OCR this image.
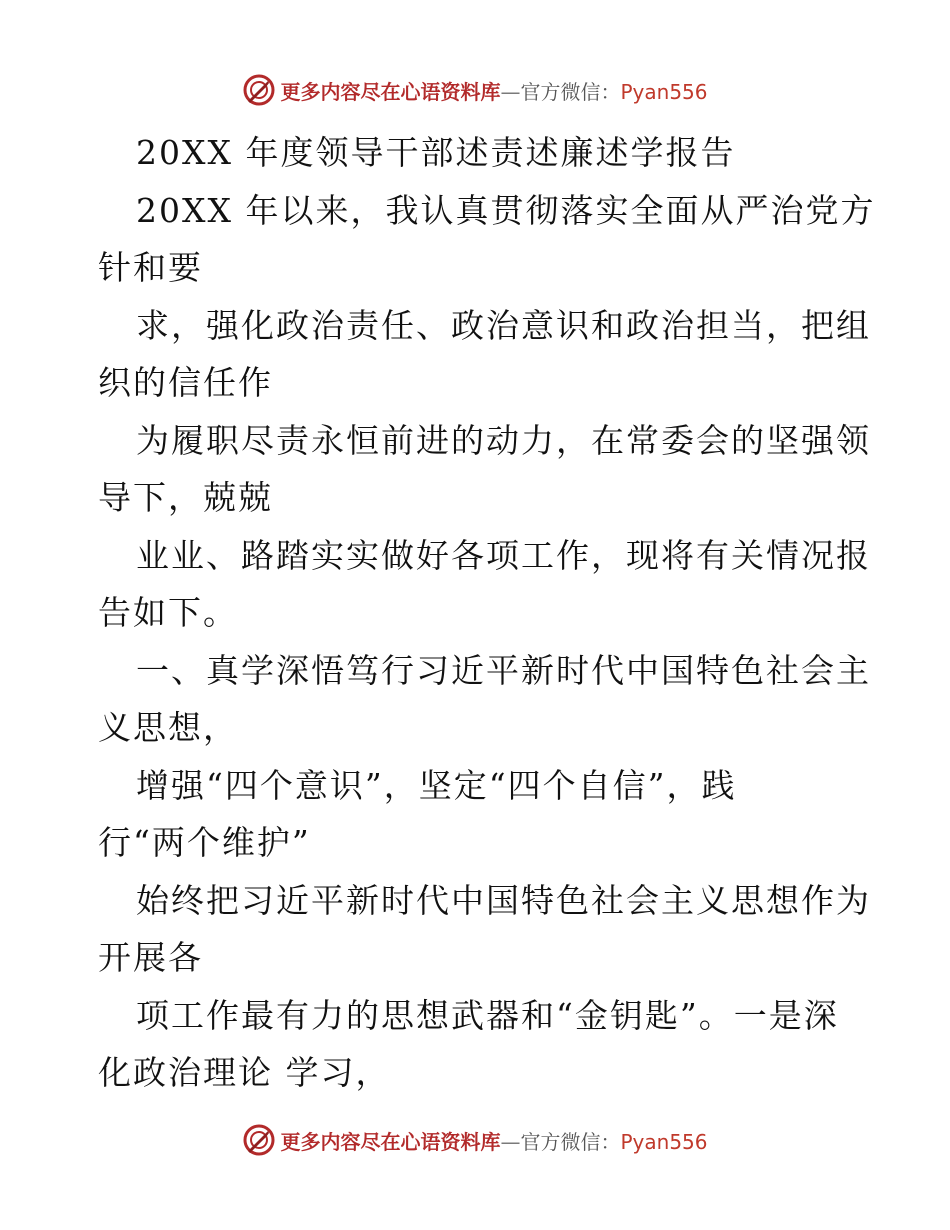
更多内容尽在心语资料库—官方微信：Pyan556
20XX 年度领导干部述责述廉述学报告
20XX 年以来，我认真贯彻落实全面从严治党方
针和要
求，强化政治责任、政治意识和政治担当，把组
织的信任作
为履职尽责永恒前进的动力，在常委会的坚强领
导下，兢兢
业业、路踏实实做好各项工作，现将有关情况报
告如下。
一、真学深悟笃行习近平新时代中国特色社会主
义思想，
增强“四个意识”，坚定“四个自信”，践
行“两个维护”
始终把习近平新时代中国特色社会主义思想作为
开展各
项工作最有力的思想武器和“金钥匙”。一是深
化政治理论 学习，
更多内容尽在心语资料库—官方微信：Pyan556
